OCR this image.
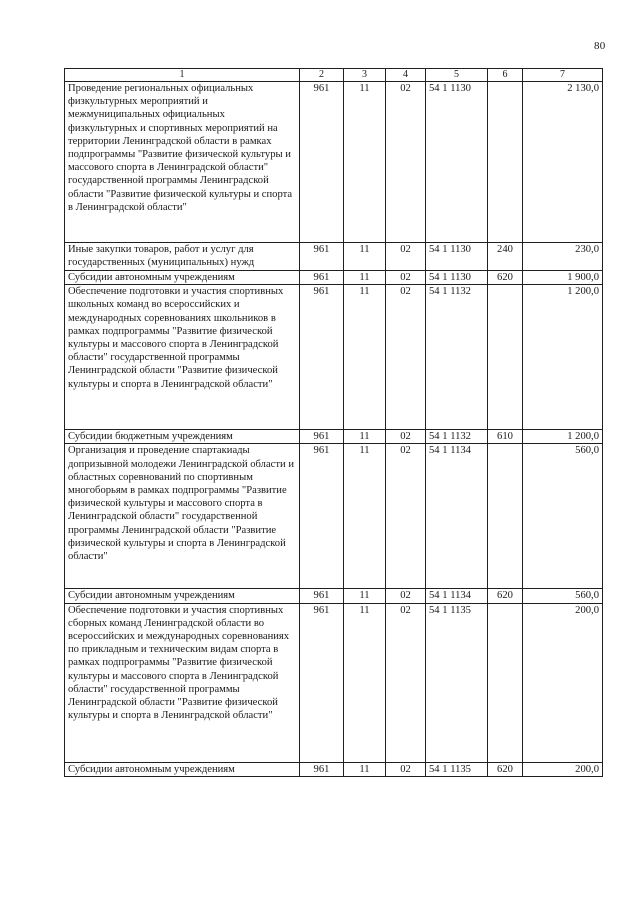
80
1	2	3	4	5	6	7
Проведение региональных официальных физкультурных мероприятий и межмуниципальных официальных физкультурных и спортивных мероприятий на территории Ленинградской области в рамках подпрограммы "Развитие физической культуры и массового спорта в Ленинградской области" государственной программы Ленинградской области "Развитие физической культуры и спорта в Ленинградской области"	961	11	02	54 1 1130		2 130,0
Иные закупки товаров, работ и услуг для государственных (муниципальных) нужд	961	11	02	54 1 1130	240	230,0
Субсидии автономным учреждениям	961	11	02	54 1 1130	620	1 900,0
Обеспечение подготовки и участия спортивных школьных команд во всероссийских и международных соревнованиях школьников в рамках подпрограммы "Развитие физической культуры и массового спорта в Ленинградской области" государственной программы Ленинградской области "Развитие физической культуры и спорта в Ленинградской области"	961	11	02	54 1 1132		1 200,0
Субсидии бюджетным учреждениям	961	11	02	54 1 1132	610	1 200,0
Организация и проведение спартакиады допризывной молодежи Ленинградской области и областных соревнований по спортивным многоборьям в рамках подпрограммы "Развитие физической культуры и массового спорта в Ленинградской области" государственной программы Ленинградской области "Развитие физической культуры и спорта в Ленинградской области"	961	11	02	54 1 1134		560,0
Субсидии автономным учреждениям	961	11	02	54 1 1134	620	560,0
Обеспечение подготовки и участия спортивных сборных команд Ленинградской области во всероссийских и международных соревнованиях по прикладным и техническим видам спорта в рамках подпрограммы "Развитие физической культуры и массового спорта в Ленинградской области" государственной программы Ленинградской области "Развитие физической культуры и спорта в Ленинградской области"	961	11	02	54 1 1135		200,0
Субсидии автономным учреждениям	961	11	02	54 1 1135	620	200,0
